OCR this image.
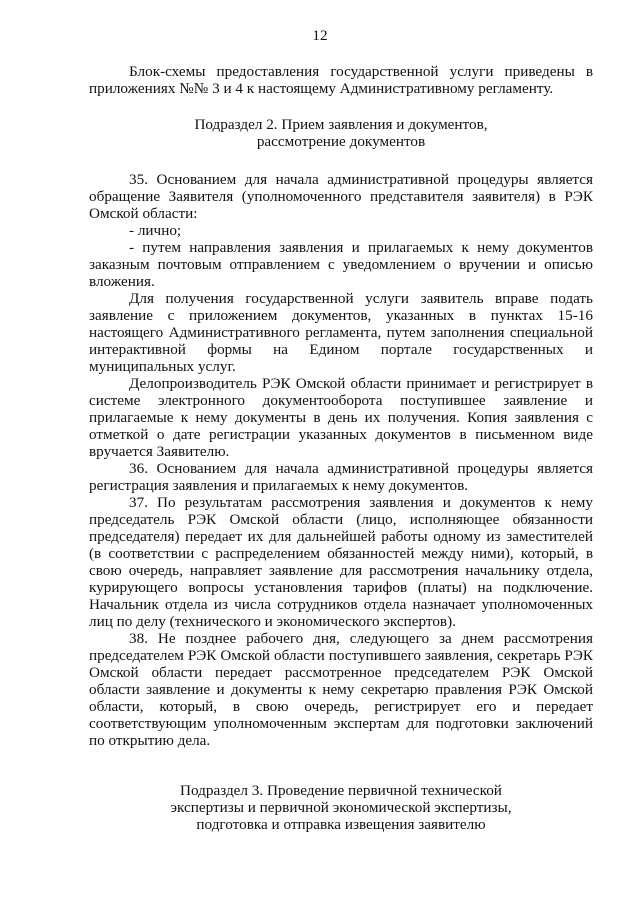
12

Блок-схемы предоставления государственной услуги приведены в приложениях №№ 3 и 4 к настоящему Административному регламенту.

Подраздел 2. Прием заявления и документов,
рассмотрение документов

35. Основанием для начала административной процедуры является обращение Заявителя (уполномоченного представителя заявителя) в РЭК Омской области:

- лично;

- путем направления заявления и прилагаемых к нему документов заказным почтовым отправлением с уведомлением о вручении и описью вложения.

Для получения государственной услуги заявитель вправе подать заявление с приложением документов, указанных в пунктах 15-16 настоящего Административного регламента, путем заполнения специальной интерактивной формы на Едином портале государственных и муниципальных услуг.

Делопроизводитель РЭК Омской области принимает и регистрирует в системе электронного документооборота поступившее заявление и прилагаемые к нему документы в день их получения. Копия заявления с отметкой о дате регистрации указанных документов в письменном виде вручается Заявителю.

36. Основанием для начала административной процедуры является регистрация заявления и прилагаемых к нему документов.

37. По результатам рассмотрения заявления и документов к нему председатель РЭК Омской области (лицо, исполняющее обязанности председателя) передает их для дальнейшей работы одному из заместителей (в соответствии с распределением обязанностей между ними), который, в свою очередь, направляет заявление для рассмотрения начальнику отдела, курирующего вопросы установления тарифов (платы) на подключение. Начальник отдела из числа сотрудников отдела назначает уполномоченных лиц по делу (технического и экономического экспертов).

38. Не позднее рабочего дня, следующего за днем рассмотрения председателем РЭК Омской области поступившего заявления, секретарь РЭК Омской области передает рассмотренное председателем РЭК Омской области заявление и документы к нему секретарю правления РЭК Омской области, который, в свою очередь, регистрирует его и передает соответствующим уполномоченным экспертам для подготовки заключений по открытию дела.

Подраздел 3. Проведение первичной технической
экспертизы и первичной экономической экспертизы,
подготовка и отправка извещения заявителю
